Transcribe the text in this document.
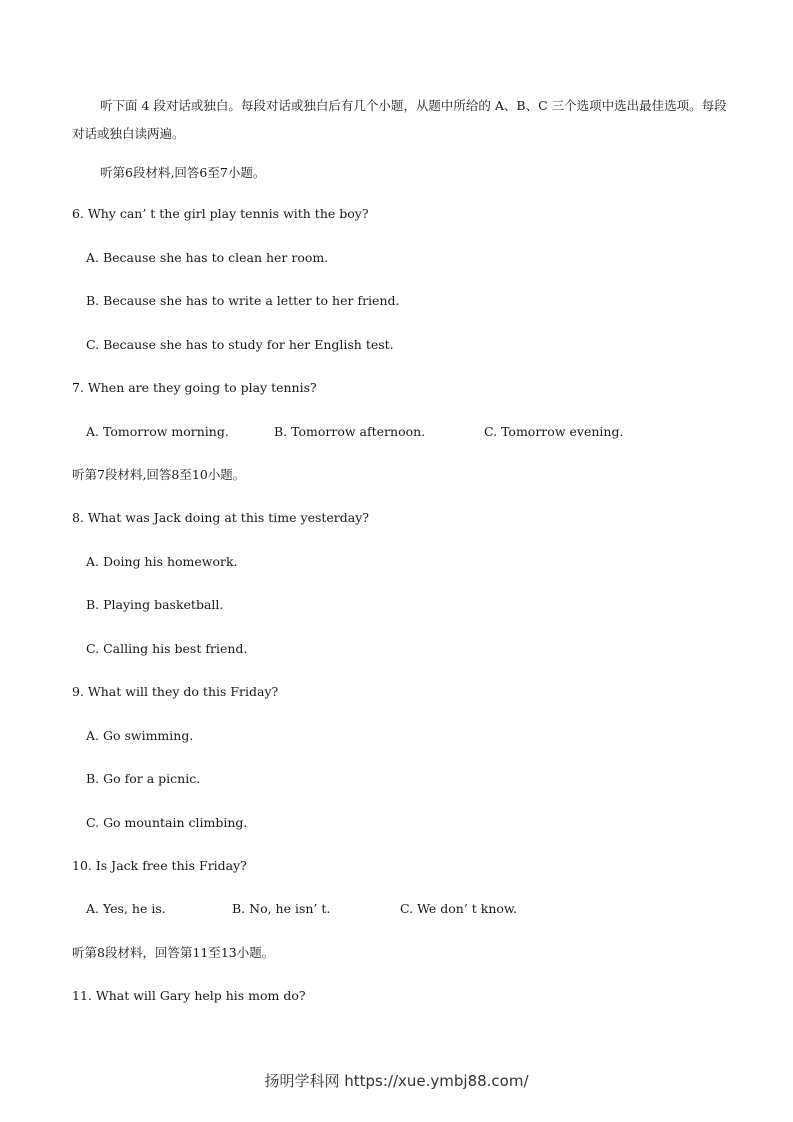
听下面 4 段对话或独白。每段对话或独白后有几个小题，从题中所给的 A、B、C 三个选项中选出最佳选项。每段对话或独白读两遍。
听第6段材料,回答6至7小题。
6. Why can’ t the girl play tennis with the boy?
A. Because she has to clean her room.
B. Because she has to write a letter to her friend.
C. Because she has to study for her English test.
7. When are they going to play tennis?
A. Tomorrow morning.	B. Tomorrow afternoon.	C. Tomorrow evening.
听第7段材料,回答8至10小题。
8. What was Jack doing at this time yesterday?
A. Doing his homework.
B. Playing basketball.
C. Calling his best friend.
9. What will they do this Friday?
A. Go swimming.
B. Go for a picnic.
C. Go mountain climbing.
10. Is Jack free this Friday?
A. Yes, he is.	B. No, he isn’ t.	C. We don’ t know.
听第8段材料，回答第11至13小题。
11. What will Gary help his mom do?
扬明学科网 https://xue.ymbj88.com/
